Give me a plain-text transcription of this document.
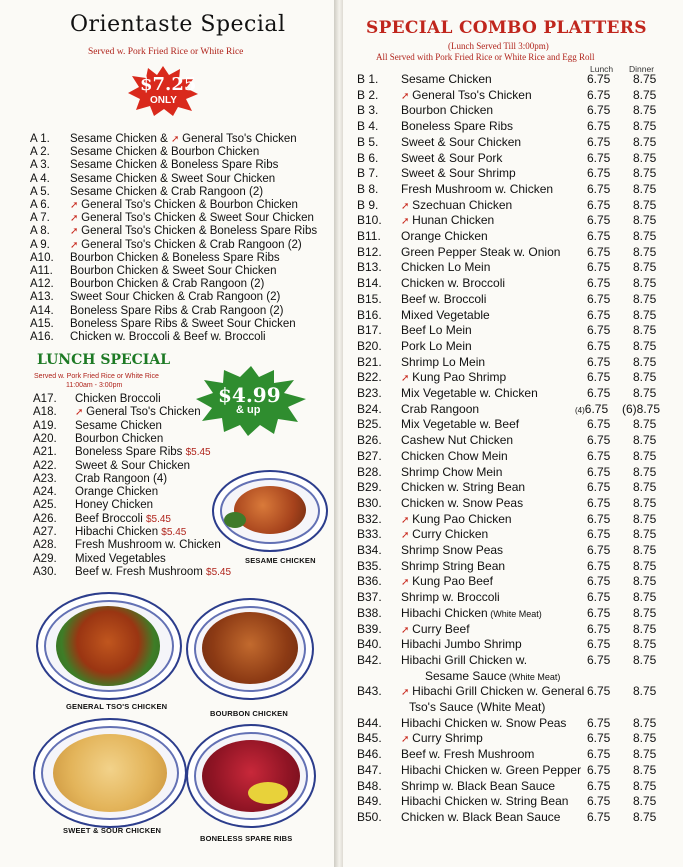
Orientaste Special
Served w. Pork Fried Rice or White Rice
$7.25
ONLY
A 1. Sesame Chicken & ➚ General Tso's Chicken
A 2. Sesame Chicken & Bourbon Chicken
A 3. Sesame Chicken & Boneless Spare Ribs
A 4. Sesame Chicken & Sweet Sour Chicken
A 5. Sesame Chicken & Crab Rangoon (2)
A 6. ➚ General Tso's Chicken & Bourbon Chicken
A 7. ➚ General Tso's Chicken & Sweet Sour Chicken
A 8. ➚ General Tso's Chicken & Boneless Spare Ribs
A 9. ➚ General Tso's Chicken & Crab Rangoon (2)
A10. Bourbon Chicken & Boneless Spare Ribs
A11. Bourbon Chicken & Sweet Sour Chicken
A12. Bourbon Chicken & Crab Rangoon (2)
A13. Sweet Sour Chicken & Crab Rangoon (2)
A14. Boneless Spare Ribs & Crab Rangoon (2)
A15. Boneless Spare Ribs & Sweet Sour Chicken
A16. Chicken w. Broccoli & Beef w. Broccoli
LUNCH SPECIAL
Served w. Pork Fried Rice or White Rice
11:00am - 3:00pm	$4.99
& up
A17. Chicken Broccoli
A18. ➚ General Tso's Chicken
A19. Sesame Chicken
A20. Bourbon Chicken
A21. Boneless Spare Ribs $5.45
A22. Sweet & Sour Chicken
A23. Crab Rangoon (4)
A24. Orange Chicken
A25. Honey Chicken
A26. Beef Broccoli $5.45
A27. Hibachi Chicken $5.45
A28. Fresh Mushroom w. Chicken
A29. Mixed Vegetables
A30. Beef w. Fresh Mushroom $5.45
SESAME CHICKEN
GENERAL TSO'S CHICKEN
BOURBON CHICKEN
SWEET & SOUR CHICKEN
BONELESS SPARE RIBS
SPECIAL COMBO PLATTERS
(Lunch Served Till 3:00pm)
All Served with Pork Fried Rice or White Rice and Egg Roll
Lunch Dinner
B 1. Sesame Chicken	6.75 8.75
B 2. ➚ General Tso's Chicken	6.75 8.75
B 3. Bourbon Chicken	6.75 8.75
B 4. Boneless Spare Ribs	6.75 8.75
B 5. Sweet & Sour Chicken	6.75 8.75
B 6. Sweet & Sour Pork	6.75 8.75
B 7. Sweet & Sour Shrimp	6.75 8.75
B 8. Fresh Mushroom w. Chicken	6.75 8.75
B 9. ➚ Szechuan Chicken	6.75 8.75
B10. ➚ Hunan Chicken	6.75 8.75
B11. Orange Chicken	6.75 8.75
B12. Green Pepper Steak w. Onion 6.75 8.75
B13. Chicken Lo Mein	6.75 8.75
B14. Chicken w. Broccoli	6.75 8.75
B15. Beef w. Broccoli	6.75 8.75
B16. Mixed Vegetable	6.75 8.75
B17. Beef Lo Mein	6.75 8.75
B20. Pork Lo Mein	6.75 8.75
B21. Shrimp Lo Mein	6.75 8.75
B22. ➚ Kung Pao Shrimp	6.75 8.75
B23. Mix Vegetable w. Chicken	6.75 8.75
B24. Crab Rangoon	(4)6.75 (6)8.75
B25. Mix Vegetable w. Beef	6.75 8.75
B26. Cashew Nut Chicken	6.75 8.75
B27. Chicken Chow Mein	6.75 8.75
B28. Shrimp Chow Mein	6.75 8.75
B29. Chicken w. String Bean	6.75 8.75
B30. Chicken w. Snow Peas	6.75 8.75
B32. ➚ Kung Pao Chicken	6.75 8.75
B33. ➚ Curry Chicken	6.75 8.75
B34. Shrimp Snow Peas	6.75 8.75
B35. Shrimp String Bean	6.75 8.75
B36. ➚ Kung Pao Beef	6.75 8.75
B37. Shrimp w. Broccoli	6.75 8.75
B38. Hibachi Chicken (White Meat)	6.75 8.75
B39. ➚ Curry Beef	6.75 8.75
B40. Hibachi Jumbo Shrimp	6.75 8.75
B42. Hibachi Grill Chicken w.	6.75 8.75
Sesame Sauce (White Meat)
B43. ➚ Hibachi Grill Chicken w. General 6.75 8.75
Tso's Sauce (White Meat)
B44. Hibachi Chicken w. Snow Peas 6.75 8.75
B45. ➚ Curry Shrimp	6.75 8.75
B46. Beef w. Fresh Mushroom	6.75 8.75
B47. Hibachi Chicken w. Green Pepper 6.75 8.75
B48. Shrimp w. Black Bean Sauce	6.75 8.75
B49. Hibachi Chicken w. String Bean 6.75 8.75
B50. Chicken w. Black Bean Sauce 6.75 8.75
